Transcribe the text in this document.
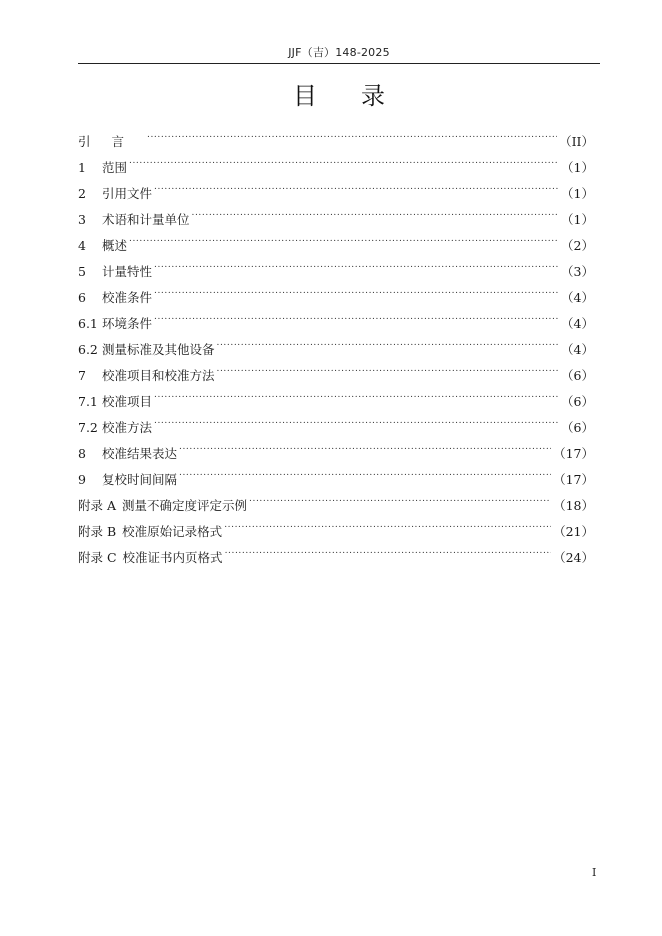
JJF（吉）148-2025
目录
引言 .....	（II）
1	范围 .....	（1）
2	引用文件 .....	（1）
3	术语和计量单位 .....	（1）
4	概述 .....	（2）
5	计量特性 .....	（3）
6	校准条件 .....	（4）
6.1 环境条件 .....	（4）
6.2 测量标准及其他设备 .....	（4）
7	校准项目和校准方法 .....	（6）
7.1 校准项目 .....	（6）
7.2 校准方法 .....	（6）
8	校准结果表达 .....	（17）
9	复校时间间隔 .....	（17）
附录 A 测量不确定度评定示例 .....	（18）
附录 B 校准原始记录格式 .....	（21）
附录 C 校准证书内页格式 .....	（24）
I
